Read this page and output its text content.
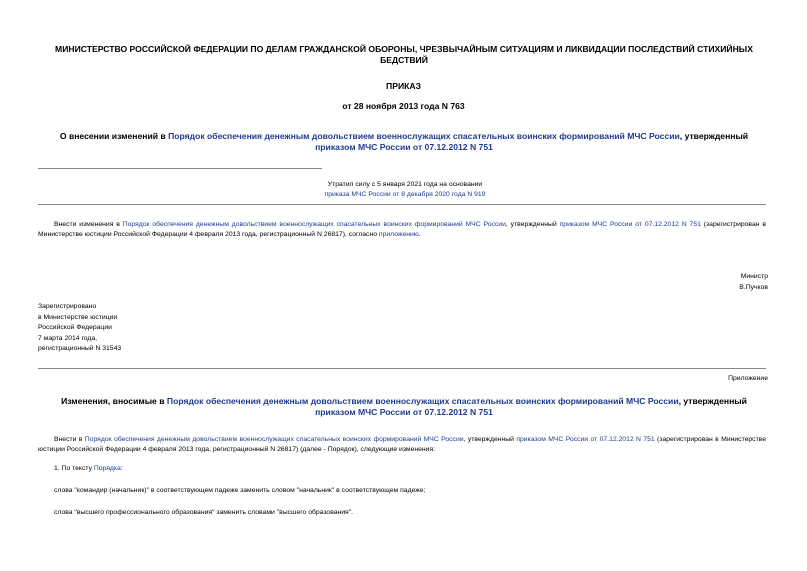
МИНИСТЕРСТВО РОССИЙСКОЙ ФЕДЕРАЦИИ ПО ДЕЛАМ ГРАЖДАНСКОЙ ОБОРОНЫ, ЧРЕЗВЫЧАЙНЫМ СИТУАЦИЯМ И ЛИКВИДАЦИИ ПОСЛЕДСТВИЙ СТИХИЙНЫХ БЕДСТВИЙ
ПРИКАЗ
от 28 ноября 2013 года N 763
О внесении изменений в Порядок обеспечения денежным довольствием военнослужащих спасательных воинских формирований МЧС России, утвержденный приказом МЧС России от 07.12.2012 N 751
Утратил силу с 5 января 2021 года на основании
приказа МЧС России от 8 декабря 2020 года N 919

Внести изменения в Порядок обеспечения денежным довольствием военнослужащих спасательных воинских формирований МЧС России, утвержденный приказом МЧС России от 07.12.2012 N 751 (зарегистрирован в Министерстве юстиции Российской Федерации 4 февраля 2013 года, регистрационный N 26817), согласно приложению.

Министр
В.Пучков
Зарегистрировано
в Министерстве юстиции
Российской Федерации
7 марта 2014 года,
регистрационный N 31543
Приложение
Изменения, вносимые в Порядок обеспечения денежным довольствием военнослужащих спасательных воинских формирований МЧС России, утвержденный приказом МЧС России от 07.12.2012 N 751

Внести в Порядок обеспечения денежным довольствием военнослужащих спасательных воинских формирований МЧС России, утвержденный приказом МЧС России от 07.12.2012 N 751 (зарегистрирован в Министерстве юстиции Российской Федерации 4 февраля 2013 года, регистрационный N 26817) (далее - Порядок), следующие изменения:

1. По тексту Порядка:
слова "командир (начальник)" в соответствующем падеже заменить словом "начальник" в соответствующем падеже;
слова "высшего профессионального образования" заменить словами "высшего образования".
